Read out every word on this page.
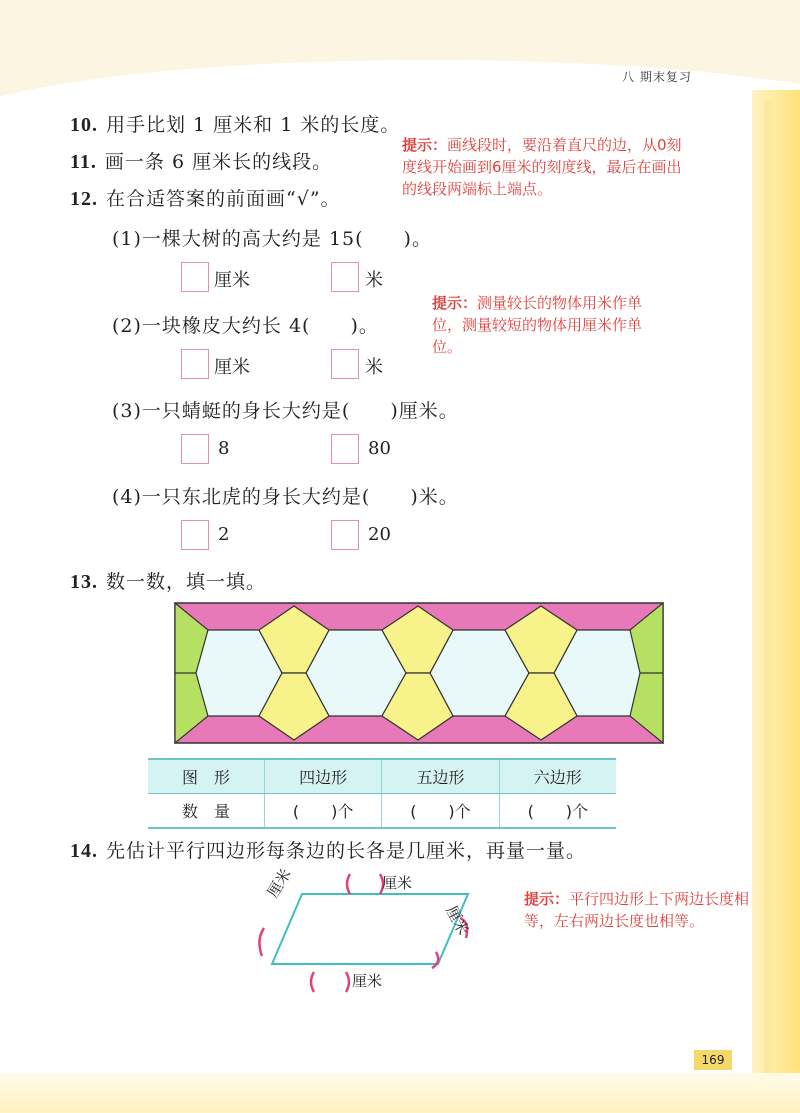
八 期末复习
10. 用手比划 1 厘米和 1 米的长度。
11. 画一条 6 厘米长的线段。
12. 在合适答案的前面画“√”。
提示：画线段时，要沿着直尺的边，从0刻度线开始画到6厘米的刻度线，最后在画出的线段两端标上端点。
(1)一棵大树的高大约是 15(　　)。
厘米	米
(2)一块橡皮大约长 4(　　)。
厘米	米
提示：测量较长的物体用米作单位，测量较短的物体用厘米作单位。
(3)一只蜻蜓的身长大约是(　　)厘米。
8	80
(4)一只东北虎的身长大约是(　　)米。
2	20
13. 数一数，填一填。
图　形	四边形	五边形	六边形
数　量	(　　)个	(　　)个	(　　)个
14. 先估计平行四边形每条边的长各是几厘米，再量一量。
厘米
厘米
厘米
厘米
提示：平行四边形上下两边长度相等，左右两边长度也相等。
169
